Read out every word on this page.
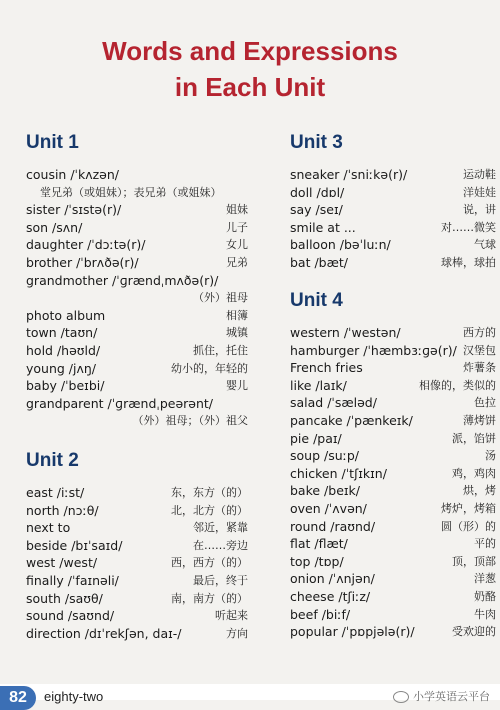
Words and Expressions
in Each Unit
Unit 1
cousin /ˈkʌzən/
堂兄弟（或姐妹）；表兄弟（或姐妹）
sister /ˈsɪstə(r)/	姐妹
son /sʌn/	儿子
daughter /ˈdɔːtə(r)/	女儿
brother /ˈbrʌðə(r)/	兄弟
grandmother /ˈɡrændˌmʌðə(r)/
（外）祖母
photo album	相簿
town /taʊn/	城镇
hold /həʊld/	抓住，托住
young /jʌŋ/	幼小的，年轻的
baby /ˈbeɪbi/	婴儿
grandparent /ˈɡrændˌpeərənt/
（外）祖母；（外）祖父
Unit 2
east /iːst/	东，东方（的）
north /nɔːθ/	北，北方（的）
next to	邻近，紧靠
beside /bɪˈsaɪd/	在……旁边
west /west/	西，西方（的）
finally /ˈfaɪnəli/	最后，终于
south /saʊθ/	南，南方（的）
sound /saʊnd/	听起来
direction /dɪˈrekʃən, daɪ-/	方向
Unit 3
sneaker /ˈsniːkə(r)/	运动鞋
doll /dɒl/	洋娃娃
say /seɪ/	说，讲
smile at ...	对……微笑
balloon /bəˈluːn/	气球
bat /bæt/	球棒，球拍
Unit 4
western /ˈwestən/	西方的
hamburger /ˈhæmbɜːɡə(r)/ 汉堡包
French fries	炸薯条
like /laɪk/	相像的，类似的
salad /ˈsæləd/	色拉
pancake /ˈpænkeɪk/	薄烤饼
pie /paɪ/	派，馅饼
soup /suːp/	汤
chicken /ˈtʃɪkɪn/	鸡，鸡肉
bake /beɪk/	烘，烤
oven /ˈʌvən/	烤炉，烤箱
round /raʊnd/	圆（形）的
flat /flæt/	平的
top /tɒp/	顶，顶部
onion /ˈʌnjən/	洋葱
cheese /tʃiːz/	奶酪
beef /biːf/	牛肉
popular /ˈpɒpjələ(r)/	受欢迎的
82	eighty-two	小学英语云平台
